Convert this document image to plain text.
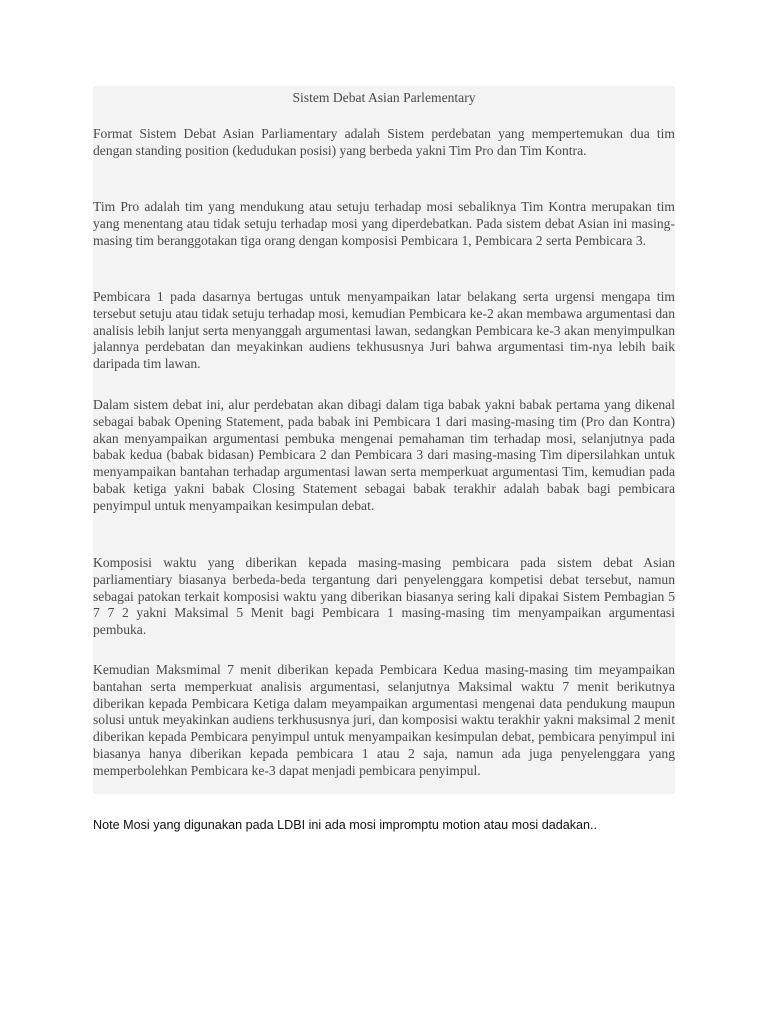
Sistem Debat Asian Parlementary

Format Sistem Debat Asian Parliamentary adalah Sistem perdebatan yang mempertemukan dua tim dengan standing position (kedudukan posisi) yang berbeda yakni Tim Pro dan Tim Kontra.

Tim Pro adalah tim yang mendukung atau setuju terhadap mosi sebaliknya Tim Kontra merupakan tim yang menentang atau tidak setuju terhadap mosi yang diperdebatkan. Pada sistem debat Asian ini masing-masing tim beranggotakan tiga orang dengan komposisi Pembicara 1, Pembicara 2 serta Pembicara 3.

Pembicara 1 pada dasarnya bertugas untuk menyampaikan latar belakang serta urgensi mengapa tim tersebut setuju atau tidak setuju terhadap mosi, kemudian Pembicara ke-2 akan membawa argumentasi dan analisis lebih lanjut serta menyanggah argumentasi lawan, sedangkan Pembicara ke-3 akan menyimpulkan jalannya perdebatan dan meyakinkan audiens tekhususnya Juri bahwa argumentasi tim-nya lebih baik daripada tim lawan.

Dalam sistem debat ini, alur perdebatan akan dibagi dalam tiga babak yakni babak pertama yang dikenal sebagai babak Opening Statement, pada babak ini Pembicara 1 dari masing-masing tim (Pro dan Kontra) akan menyampaikan argumentasi pembuka mengenai pemahaman tim terhadap mosi, selanjutnya pada babak kedua (babak bidasan) Pembicara 2 dan Pembicara 3 dari masing-masing Tim dipersilahkan untuk menyampaikan bantahan terhadap argumentasi lawan serta memperkuat argumentasi Tim, kemudian pada babak ketiga yakni babak Closing Statement sebagai babak terakhir adalah babak bagi pembicara penyimpul untuk menyampaikan kesimpulan debat.

Komposisi waktu yang diberikan kepada masing-masing pembicara pada sistem debat Asian parliamentiary biasanya berbeda-beda tergantung dari penyelenggara kompetisi debat tersebut, namun sebagai patokan terkait komposisi waktu yang diberikan biasanya sering kali dipakai Sistem Pembagian 5 7 7 2 yakni Maksimal 5 Menit bagi Pembicara 1 masing-masing tim menyampaikan argumentasi pembuka.

Kemudian Maksmimal 7 menit diberikan kepada Pembicara Kedua masing-masing tim meyampaikan bantahan serta memperkuat analisis argumentasi, selanjutnya Maksimal waktu 7 menit berikutnya diberikan kepada Pembicara Ketiga dalam meyampaikan argumentasi mengenai data pendukung maupun solusi untuk meyakinkan audiens terkhususnya juri, dan komposisi waktu terakhir yakni maksimal 2 menit diberikan kepada Pembicara penyimpul untuk menyampaikan kesimpulan debat, pembicara penyimpul ini biasanya hanya diberikan kepada pembicara 1 atau 2 saja, namun ada juga penyelenggara yang memperbolehkan Pembicara ke-3 dapat menjadi pembicara penyimpul.

Note Mosi yang digunakan pada LDBI ini ada mosi impromptu motion atau mosi dadakan..
